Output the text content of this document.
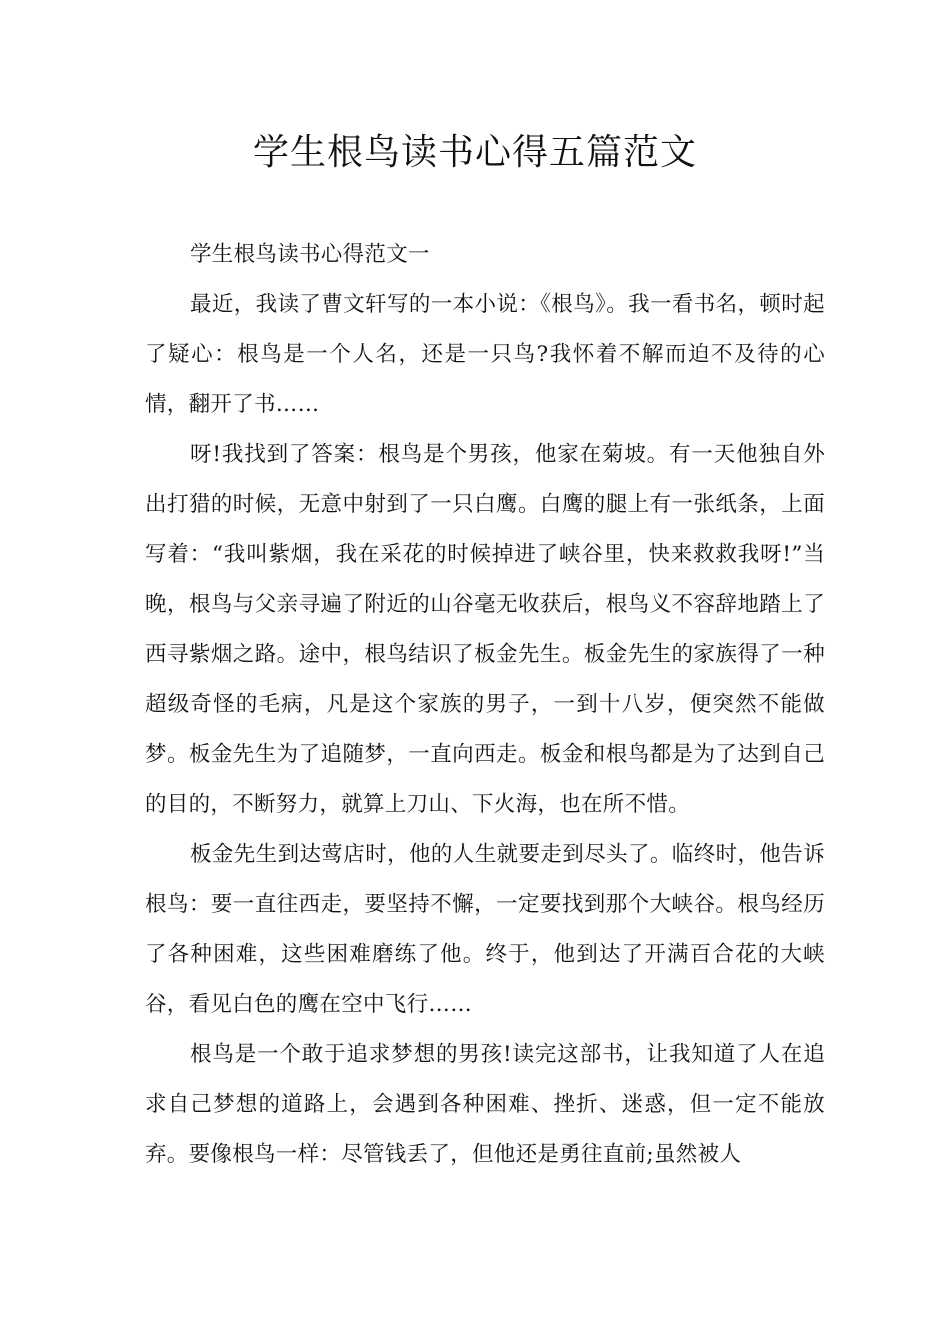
学生根鸟读书心得五篇范文

学生根鸟读书心得范文一

最近，我读了曹文轩写的一本小说：《根鸟》。我一看书名，顿时起了疑心：根鸟是一个人名，还是一只鸟?我怀着不解而迫不及待的心情，翻开了书……

呀!我找到了答案：根鸟是个男孩，他家在菊坡。有一天他独自外出打猎的时候，无意中射到了一只白鹰。白鹰的腿上有一张纸条，上面写着：“我叫紫烟，我在采花的时候掉进了峡谷里，快来救救我呀!”当晚，根鸟与父亲寻遍了附近的山谷毫无收获后，根鸟义不容辞地踏上了西寻紫烟之路。途中，根鸟结识了板金先生。板金先生的家族得了一种超级奇怪的毛病，凡是这个家族的男子，一到十八岁，便突然不能做梦。板金先生为了追随梦，一直向西走。板金和根鸟都是为了达到自己的目的，不断努力，就算上刀山、下火海，也在所不惜。

板金先生到达莺店时，他的人生就要走到尽头了。临终时，他告诉根鸟：要一直往西走，要坚持不懈，一定要找到那个大峡谷。根鸟经历了各种困难，这些困难磨练了他。终于，他到达了开满百合花的大峡谷，看见白色的鹰在空中飞行……

根鸟是一个敢于追求梦想的男孩!读完这部书，让我知道了人在追求自己梦想的道路上，会遇到各种困难、挫折、迷惑，但一定不能放弃。要像根鸟一样：尽管钱丢了，但他还是勇往直前;虽然被人
